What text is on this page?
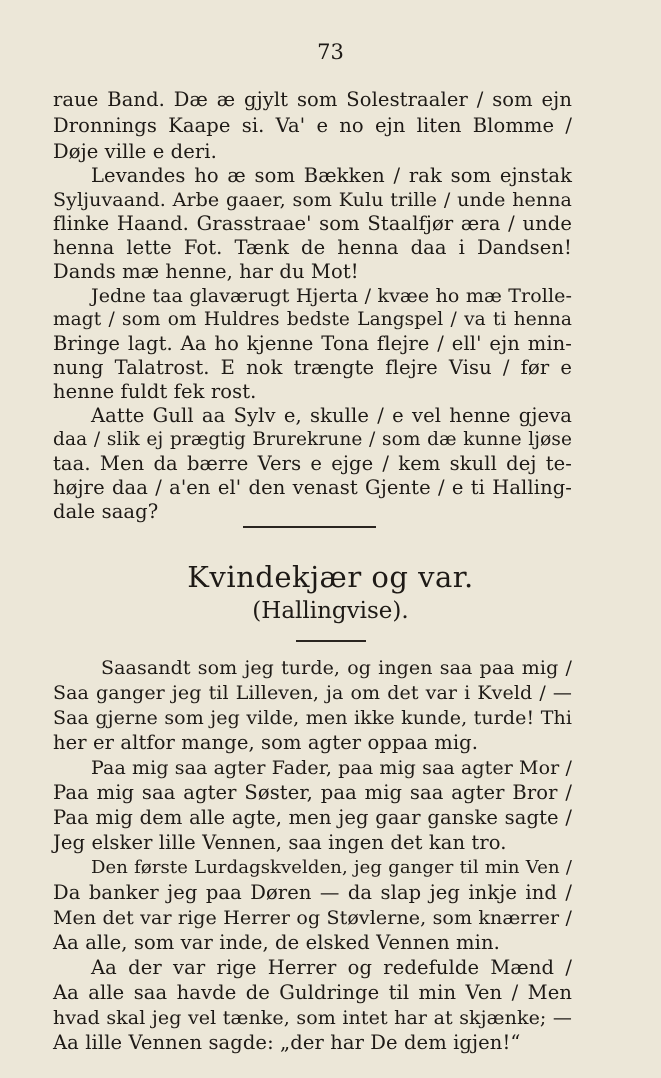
73
raue Band. Dæ æ gjylt som Solestraaler / som ejn
Dronnings Kaape si. Va' e no ejn liten Blomme /
Døje ville e deri.
Levandes ho æ som Bækken / rak som ejnstak
Syljuvaand. Arbe gaaer, som Kulu trille / unde henna
flinke Haand. Grasstraae' som Staalfjør æra / unde
henna lette Fot. Tænk de henna daa i Dandsen!
Dands mæ henne, har du Mot!
Jedne taa glaværugt Hjerta / kvæe ho mæ Trolle-
magt / som om Huldres bedste Langspel / va ti henna
Bringe lagt. Aa ho kjenne Tona flejre / ell' ejn min-
nung Talatrost. E nok trængte flejre Visu / før e
henne fuldt fek rost.
Aatte Gull aa Sylv e, skulle / e vel henne gjeva
daa / slik ej prægtig Brurekrune / som dæ kunne ljøse
taa. Men da bærre Vers e ejge / kem skull dej te-
højre daa / a'en el' den venast Gjente / e ti Halling-
dale saag?
Kvindekjær og var.
(Hallingvise).
Saasandt som jeg turde, og ingen saa paa mig /
Saa ganger jeg til Lilleven, ja om det var i Kveld / —
Saa gjerne som jeg vilde, men ikke kunde, turde! Thi
her er altfor mange, som agter oppaa mig.
Paa mig saa agter Fader, paa mig saa agter Mor /
Paa mig saa agter Søster, paa mig saa agter Bror /
Paa mig dem alle agte, men jeg gaar ganske sagte /
Jeg elsker lille Vennen, saa ingen det kan tro.
Den første Lurdagskvelden, jeg ganger til min Ven /
Da banker jeg paa Døren — da slap jeg inkje ind /
Men det var rige Herrer og Støvlerne, som knærrer /
Aa alle, som var inde, de elsked Vennen min.
Aa der var rige Herrer og redefulde Mænd /
Aa alle saa havde de Guldringe til min Ven / Men
hvad skal jeg vel tænke, som intet har at skjænke; —
Aa lille Vennen sagde: „der har De dem igjen!“
